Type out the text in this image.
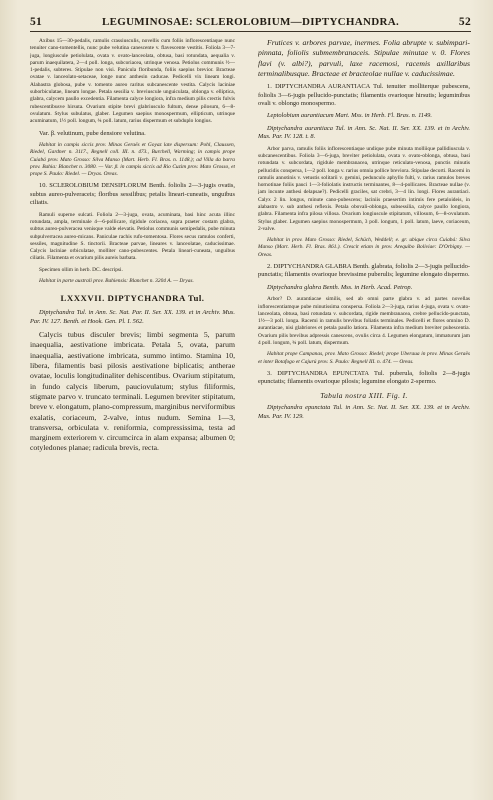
51	LEGUMINOSAE: SCLEROLOBIUM—DIPTYCHANDRA.	52

Axibus 15—30-pedalis, ramulis crassiusculis, novellis cum foliis inflorescentiaque nunc tenuiter cano-tomentellis, nunc pube velutina canescente v. flavescente vestitis. Foliola 3—7-juga, longiuscule petiolulata, ovata v. ovato-lanceolata, obtusa, basi rotundata, aequalia v. parum inaequilatera, 2—4 poll. longa, subcoriacea, utrinque venosa. Petiolus communis ½—1-pedalis, subteres. Stipulae non visi. Panicula floribunda, foliis saepius brevior. Bracteae ovatae v. lanceolato-setaceae, longe nunc anthesin caducae. Pedicelli vix lineam longi. Alabastra globosa, pube v. tomento aureo raritus subcanescente vestita. Calycis laciniae suborbiculatae, lineam longae. Petala sessilia v. breviuscule unguiculata, oblonga v. elliptica, glabra, calycem paullo excedentia. Filamenta calyce longiora, infra medium pilis crectis fulvis rubescentibusve hirsuta. Ovarium stipite brevi glabriusculo fultum, dense pilosum, 6—8-ovulatum. Stylus subulatus, glaber. Legumen saepius monospermum, ellipticum, utrinque acuminatum, 1½ poll. longum, ¾ poll. latum, rarius dispermum et subduplo longius.

Var. β. velutinum, pube densiore velutina.

Habitat in campis siccis prov. Minas Geraës et Goyaz late dispersum: Pohl, Claussen, Riedel, Gardner n. 3117., Regnell coll. III. n. 473., Burchell, Warming; in campis prope Cuiabá prov. Mato Grosso: Silva Manso (Mart. Herb. Fl. Bras. n. 1148.); ad Villa da barra prov. Bahia: Blanchet n. 3080. — Var. β. in campis siccis ad Rio Cuzim prov. Mato Grosso, et prope S. Paulo: Riedel. — Dryas. Oreas.

10. SCLEROLOBIUM DENSIFLORUM Benth. foliolis 2—3-jugis ovatis, subtus aureo-pulveraceis; floribus sessilibus; petalis lineari-cuneatis, unguibus ciliatis.

Ramuli superne sulcati. Foliola 2—3-juga, ovata, acuminata, basi hinc acuta illinc rotundata, ampla, terminale 4—6-pollicare, rigidule coriacea, supra praeter costam glabra, subtus aureo-pulveracea venisque valde elevatis. Petiolus communis semipedalis, pube minuta subpulverracea aureo-micans. Paniculae rachis rufo-tomentosa. Flores secus ramulos conferti, sessiles, magnitudine S. tinctorii. Bracteae parvae, lineares v. lanceolatae, caducissimae. Calycis laciniae orbiculatae, molliter cano-pubescentes. Petala lineari-cuneata, unguibus ciliatis. Filamenta et ovarium pilis aureis barbata.

Specimen ollim in herb. DC. descripsi.

Habitat in parte australi prov. Bahiensis: Blanchet n. 3204 A. — Dryas.

LXXXVII. DIPTYCHANDRA Tul.

Diptychandra Tul. in Ann. Sc. Nat. Par. II. Ser. XX. 139. et in Archiv. Mus. Par. IV. 127. Benth. et Hook. Gen. Pl. I. 562.

Calycis tubus disculer brevis; limbi segmenta 5, parum inaequalia, aestivatione imbricata. Petala 5, ovata, parum inaequalia, aestivatione imbricata, summo intimo. Stamina 10, libera, filamentis basi pilosis aestivatione biplicatis; antherae ovatae, loculis longitudinaliter dehiscentibus. Ovarium stipitatum, in fundo calycis liberum, pauciovulatum; stylus filiformis, stigmate parvo v. truncato terminali. Legumen breviter stipitatum, breve v. elongatum, plano-compressum, marginibus nerviformibus exalatis, coriaceum, 2-valve, intus nudum. Semina 1—3, transversa, orbiculata v. reniformia, compressissima, testa ad marginem exteriorem v. circumcirca in alam expansa; albumen 0; cotyledones planae; radicula brevis, recta.

Frutices v. arbores parvae, inermes. Folia abrupte v. subimpari-pinnata, foliolis submembranaceis. Stipulae minutae v. 0. Flores flavi (v. albi?), parvuli, laxe racemosi, racemis axillaribus terminalibusque. Bracteae et bracteolae nullae v. caducissimae.

1. DIPTYCHANDRA AURANTIACA Tul. tenuiter molliterque pubescens, foliolis 3—6-jugis pellucido-punctatis; filamentis ovarioque hirsutis; leguminibus ovali v. oblongo monospermo.

Leptolobium aurantiacum Mart. Mss. in Herb. Fl. Bras. n. 1149.

Diptychandra aurantiaca Tul. in Ann. Sc. Nat. II. Ser. XX. 139. et in Archiv. Mus. Par. IV. 128. t. 8.

Arbor parva, ramulis foliis inflorescentiaque undique pube minuta molliique pallidiuscula v. subcanescentibus. Foliola 3—6-juga, breviter petiolulata, ovata v. ovato-oblonga, obtusa, basi rotundata v. subcordata, rigidule membranacea, utrinque reticulato-venosa, punctis minutis pellucidis conspersa, 1—2 poll. longa v. rarius omnia pollice breviora. Stipulae decorti. Racemi in ramulis annotinis v. vetustis solitarii v. gemini, pedunculo aphyllo fulti, v. rarius ramulos breves hornotinae foliis pauci 1—3-foliolatis instructis terminantes, 8—4-pollicares. Bracteae nullae (v. jam incunte anthesi delapsae?). Pedicelli graciles, sat crebri, 3—4 lin. longi. Flores aurantiaci. Calyx 2 lin. longus, minute cano-pubescens; laciniis praesertim intimis fere petaloideis, in alabastro v. sub anthesi reflexis. Petala obovali-oblonga, subsessilia, calyce paullo longiora, glabra. Filamenta infra pilosa villosa. Ovarium longiuscule stipitatum, villosum, 6—8-ovulatum. Stylus glaber. Legumen saepius monospermum, 3 poll. longum, 1 poll. latum, laeve, coriaceum, 2-valve.

Habitat in prov. Mato Grosso: Riedel, Schüch, Weddell; e. gr. ubique circa Cuiabá: Silva Manso (Mart. Herb. Fl. Bras. 861.). Crescit etiam in prov. Arequibo Boliviae: D'Orbigny. — Oreas.

2. DIPTYCHANDRA GLABRA Benth. glabrata, foliolis 2—3-jugis pellucido-punctatis; filamentis ovarioque brevissime puberulis; legumine elongato dispermo.

Diptychandra glabra Benth. Mss. in Herb. Acad. Petrop.

Arbor? D. aurantiacae similis, sed ab omni parte glabra v. ad partes novellas inflorescentiamque pube minutissima conspersa. Foliola 2—3-juga, rarius 4-juga, ovata v. ovato-lanceolata, obtusa, basi rotundata v. subcordata, rigide membranacea, crebre pellucido-punctata, 1½—3 poll. longa. Racemi in ramulis brevibus foliatis terminales. Pedicelli et flores omnino D. aurantiacae, nisi glabriores et petala paullo latiora. Filamenta infra medium breviter pubescentia. Ovarium pilis brevibus adpressis canescens, ovulis circa 4. Legumen elongatum, immaturum jam 4 poll. longum, ¾ poll. latum, dispermum.

Habitat prope Campanas, prov. Mato Grosso: Riedel; prope Uberaua in prov. Minas Geraës et inter Botafogo et Cajurú prov. S. Paulo: Regnell III. n. 474. — Oreas.

3. DIPTYCHANDRA EPUNCTATA Tul. puberula, foliolis 2—8-jugis epunctatis; filamentis ovarioque pilosis; legumine elongato 2-spermo.

Tabula nostra XIII. Fig. I.

Diptychandra epunctata Tul. in Ann. Sc. Nat. II. Ser. XX. 139. et in Archiv. Mus. Par. IV. 129.
